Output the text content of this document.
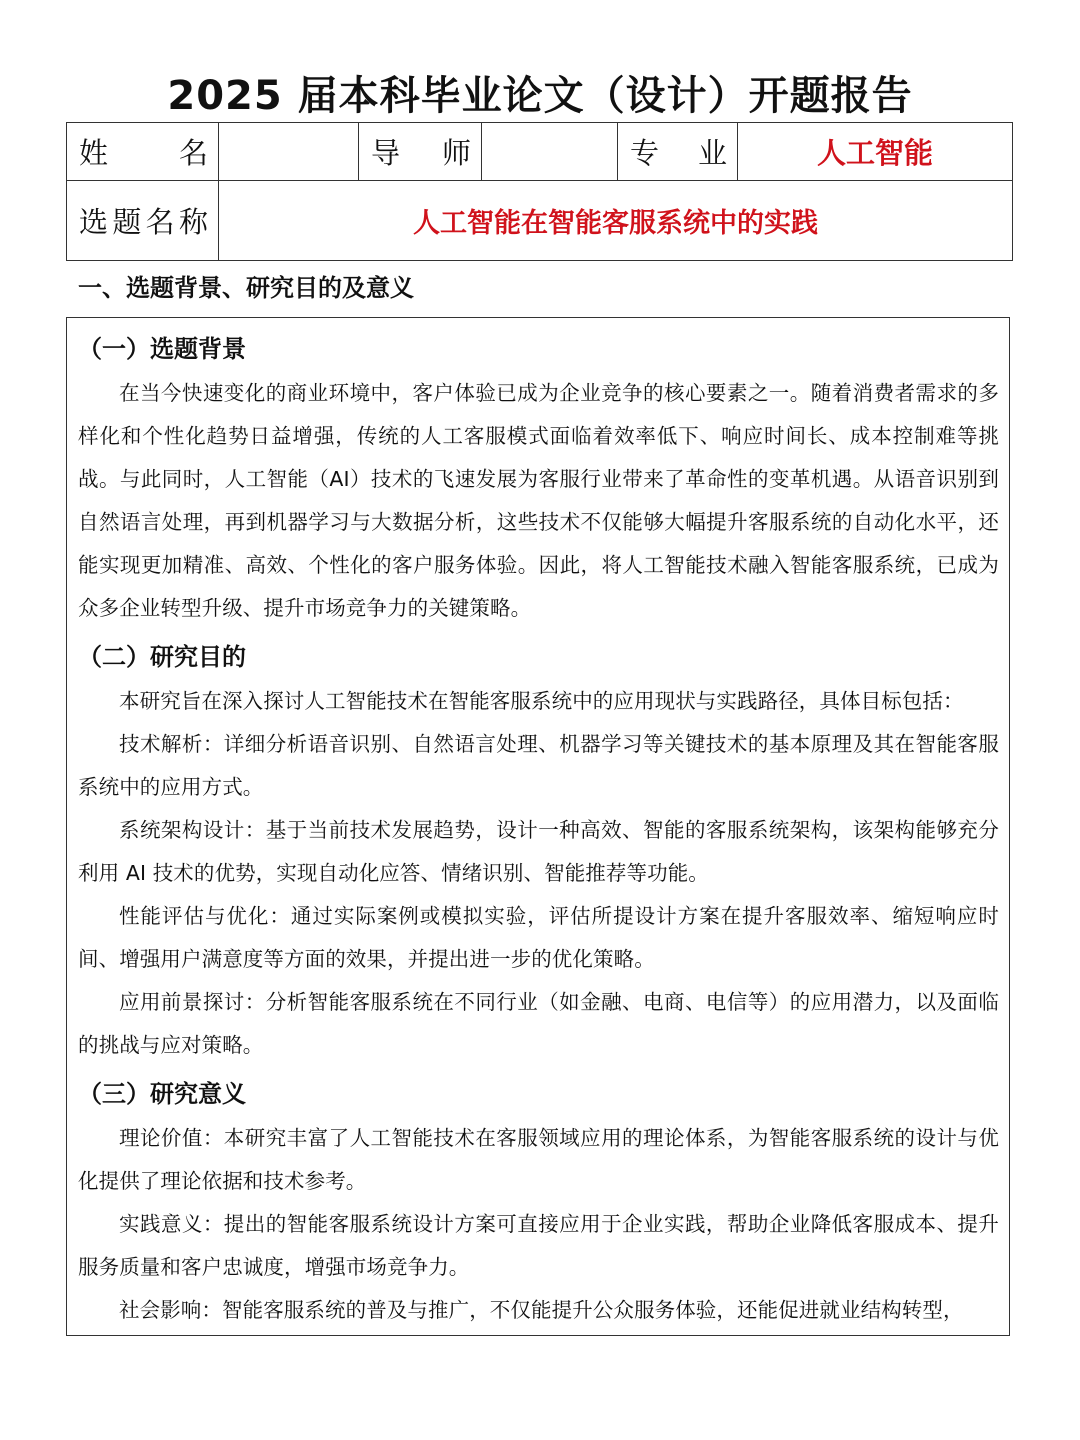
2025 届本科毕业论文（设计）开题报告
姓 名		导 师		专 业	人工智能

选 题 名 称	人工智能在智能客服系统中的实践				
一、选题背景、研究目的及意义
（一）选题背景

在当今快速变化的商业环境中，客户体验已成为企业竞争的核心要素之一。随着消费者需求的多样化和个性化趋势日益增强，传统的人工客服模式面临着效率低下、响应时间长、成本控制难等挑战。与此同时，人工智能（AI）技术的飞速发展为客服行业带来了革命性的变革机遇。从语音识别到自然语言处理，再到机器学习与大数据分析，这些技术不仅能够大幅提升客服系统的自动化水平，还能实现更加精准、高效、个性化的客户服务体验。因此，将人工智能技术融入智能客服系统，已成为众多企业转型升级、提升市场竞争力的关键策略。

（二）研究目的

本研究旨在深入探讨人工智能技术在智能客服系统中的应用现状与实践路径，具体目标包括：

技术解析：详细分析语音识别、自然语言处理、机器学习等关键技术的基本原理及其在智能客服系统中的应用方式。

系统架构设计：基于当前技术发展趋势，设计一种高效、智能的客服系统架构，该架构能够充分利用 AI 技术的优势，实现自动化应答、情绪识别、智能推荐等功能。

性能评估与优化：通过实际案例或模拟实验，评估所提设计方案在提升客服效率、缩短响应时间、增强用户满意度等方面的效果，并提出进一步的优化策略。

应用前景探讨：分析智能客服系统在不同行业（如金融、电商、电信等）的应用潜力，以及面临的挑战与应对策略。

（三）研究意义

理论价值：本研究丰富了人工智能技术在客服领域应用的理论体系，为智能客服系统的设计与优化提供了理论依据和技术参考。

实践意义：提出的智能客服系统设计方案可直接应用于企业实践，帮助企业降低客服成本、提升服务质量和客户忠诚度，增强市场竞争力。

社会影响：智能客服系统的普及与推广，不仅能提升公众服务体验，还能促进就业结构转型，
